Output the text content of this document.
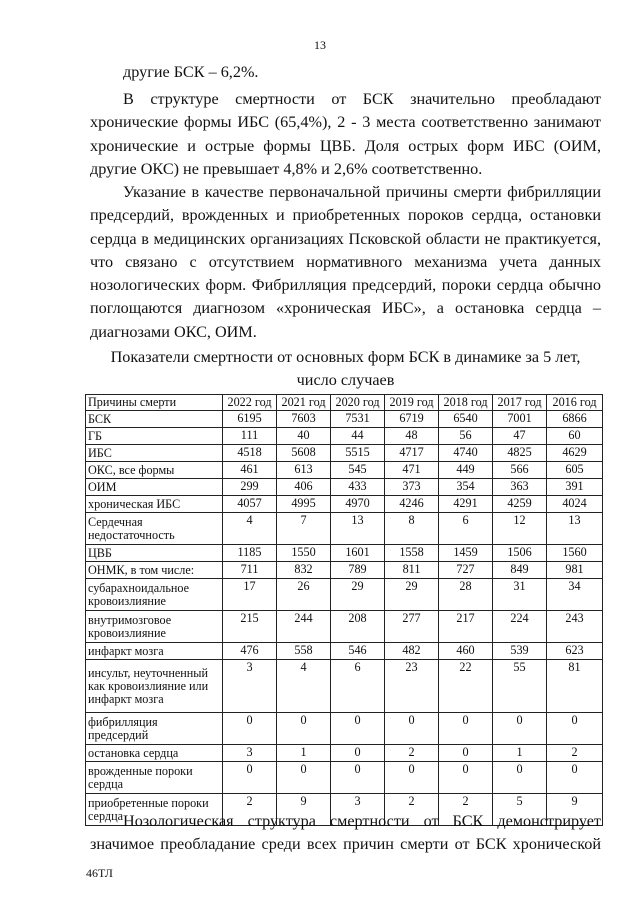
13
другие БСК – 6,2%.
В структуре смертности от БСК значительно преобладают
хронические формы ИБС (65,4%), 2 - 3 места соответственно занимают
хронические и острые формы ЦВБ. Доля острых форм ИБС (ОИМ,
другие ОКС) не превышает 4,8% и 2,6% соответственно.
Указание в качестве первоначальной причины смерти фибрилляции
предсердий, врожденных и приобретенных пороков сердца, остановки
сердца в медицинских организациях Псковской области не практикуется,
что связано с отсутствием нормативного механизма учета данных
нозологических форм. Фибрилляция предсердий, пороки сердца обычно
поглощаются диагнозом «хроническая ИБС», а остановка сердца –
диагнозами ОКС, ОИМ.
Показатели смертности от основных форм БСК в динамике за 5 лет,
число случаев
Причины смерти	2022 год	2021 год	2020 год	2019 год	2018 год	2017 год	2016 год
БСК	6195	7603	7531	6719	6540	7001	6866
ГБ	111	40	44	48	56	47	60
ИБС	4518	5608	5515	4717	4740	4825	4629
ОКС, все формы	461	613	545	471	449	566	605
ОИМ	299	406	433	373	354	363	391
хроническая ИБС	4057	4995	4970	4246	4291	4259	4024
Сердечная недостаточность	4	7	13	8	6	12	13
ЦВБ	1185	1550	1601	1558	1459	1506	1560
ОНМК, в том числе:	711	832	789	811	727	849	981
субарахноидальное кровоизлияние	17	26	29	29	28	31	34
внутримозговое кровоизлияние	215	244	208	277	217	224	243
инфаркт мозга	476	558	546	482	460	539	623
инсульт, неуточненный как кровоизлияние или инфаркт мозга	3	4	6	23	22	55	81
фибрилляция предсердий	0	0	0	0	0	0	0
остановка сердца	3	1	0	2	0	1	2
врожденные пороки сердца	0	0	0	0	0	0	0
приобретенные пороки сердца	2	9	3	2	2	5	9
Нозологическая структура смертности от БСК демонстрирует
значимое преобладание среди всех причин смерти от БСК хронической
46ТЛ
